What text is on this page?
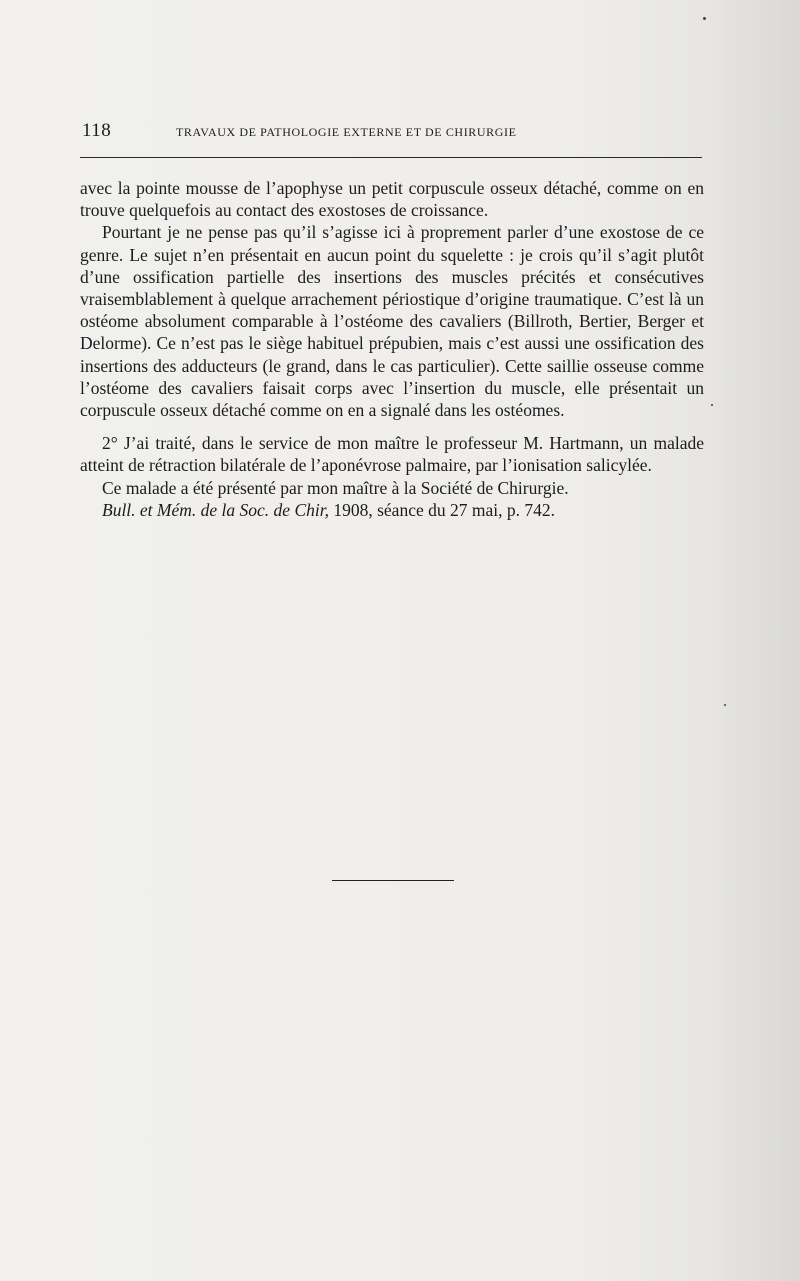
118	TRAVAUX DE PATHOLOGIE EXTERNE ET DE CHIRURGIE

avec la pointe mousse de l’apophyse un petit corpuscule osseux détaché, comme on en trouve quelquefois au contact des exostoses de croissance.

Pourtant je ne pense pas qu’il s’agisse ici à proprement parler d’une exostose de ce genre. Le sujet n’en présentait en aucun point du squelette : je crois qu’il s’agit plutôt d’une ossification partielle des insertions des muscles précités et consécutives vraisemblablement à quelque arrachement périostique d’origine traumatique. C’est là un ostéome absolument comparable à l’ostéome des cavaliers (Billroth, Bertier, Berger et Delorme). Ce n’est pas le siège habituel prépubien, mais c’est aussi une ossification des insertions des adducteurs (le grand, dans le cas particulier). Cette saillie osseuse comme l’ostéome des cavaliers faisait corps avec l’insertion du muscle, elle présentait un corpuscule osseux détaché comme on en a signalé dans les ostéomes.

2° J’ai traité, dans le service de mon maître le professeur M. Hartmann, un malade atteint de rétraction bilatérale de l’aponévrose palmaire, par l’ionisation salicylée.

Ce malade a été présenté par mon maître à la Société de Chirurgie.

Bull. et Mém. de la Soc. de Chir, 1908, séance du 27 mai, p. 742.
